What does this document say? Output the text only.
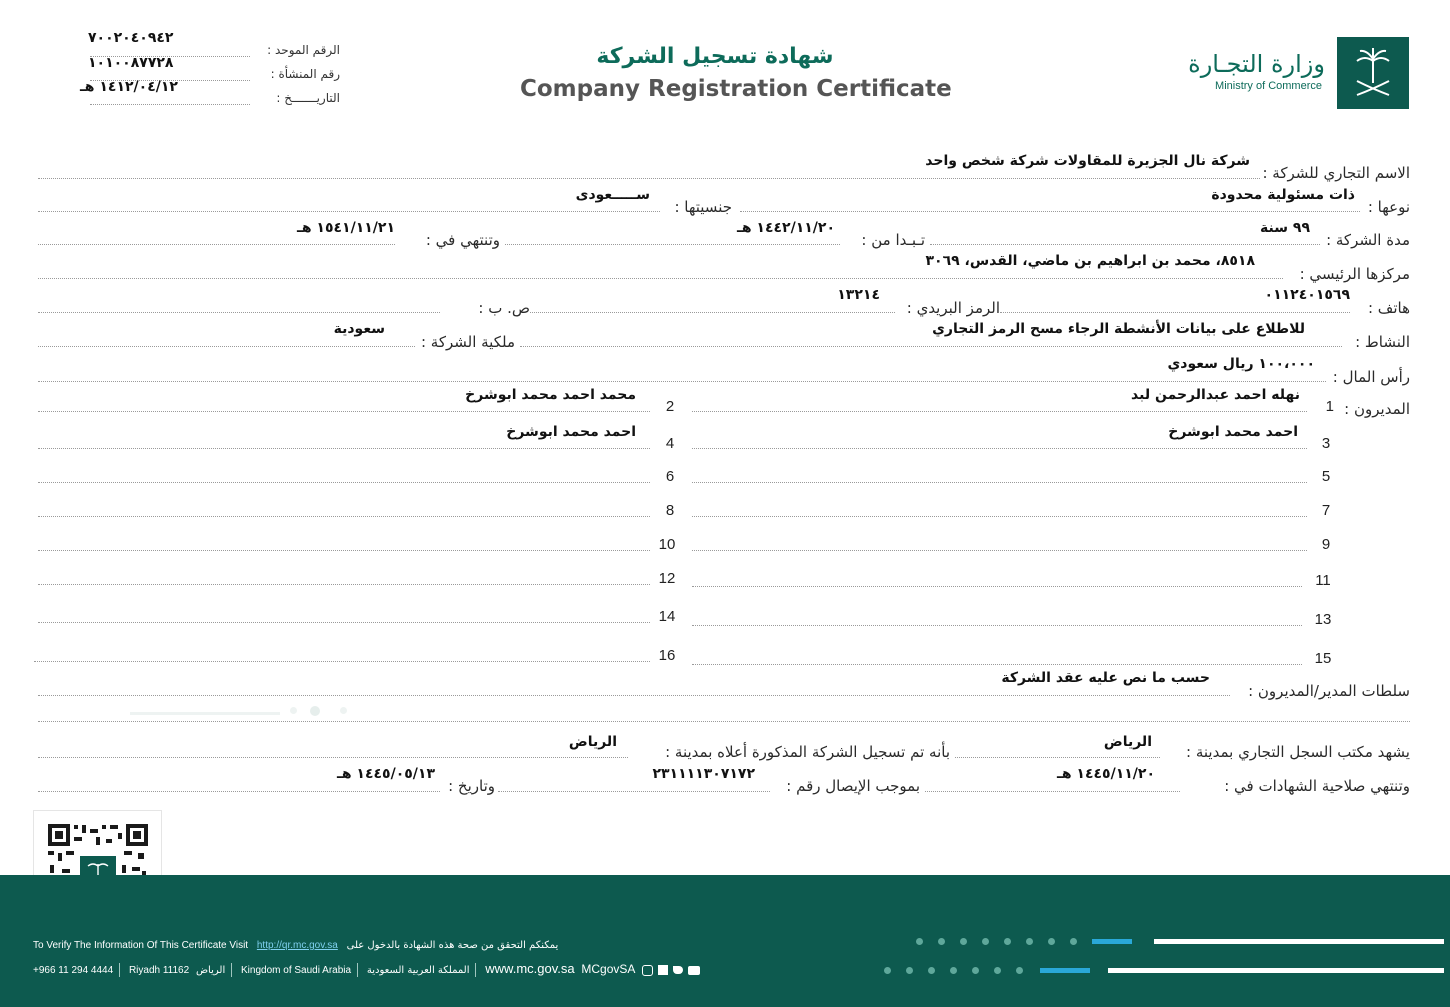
وزارة التجـارة
Ministry of Commerce
شهادة تسجيل الشركة
Company Registration Certificate
الرقم الموحد :
٧٠٠٢٠٤٠٩٤٢
رقم المنشأة :
١٠١٠٠٨٧٧٢٨
التاريـــــــخ :
١٤١٢/٠٤/١٢ هـ
الاسم التجاري للشركة :
شركة نال الجزيرة للمقاولات شركة شخص واحد
نوعها :
ذات مسئولية محدودة
جنسيتها :
ســـــعودى
مدة الشركة :
٩٩ سنة
تـبـدا من :
١٤٤٢/١١/٢٠ هـ
وتنتهي في :
١٥٤١/١١/٢١ هـ
مركزها الرئيسي :
٨٥١٨، محمد بن ابراهيم بن ماضي، القدس، ٣٠٦٩
هاتف :
٠١١٢٤٠١٥٦٩
الرمز البريدي :
١٣٢١٤
ص. ب :
النشاط :
للاطلاع على بيانات الأنشطة الرجاء مسح الرمز التجاري
ملكية الشركة :
سعودية
رأس المال :
١٠٠،٠٠٠ ريال سعودي
المديرون :
1
2
3
4
5
6
7
8
9
10
11
12
13
14
15
16
نهله احمد عبدالرحمن لبد
محمد احمد محمد ابوشرخ
احمد محمد ابوشرخ
احمد محمد ابوشرخ
سلطات المدير/المديرون :
حسب ما نص عليه عقد الشركة
يشهد مكتب السجل التجاري بمدينة :
الرياض
بأنه تم تسجيل الشركة المذكورة أعلاه بمدينة :
الرياض
وتنتهي صلاحية الشهادات في :
١٤٤٥/١١/٢٠ هـ
بموجب الإيصال رقم :
٢٣١١١١٣٠٧١٧٢
وتاريخ :
١٤٤٥/٠٥/١٣ هـ
To Verify The Information Of This Certificate Visit http://qr.mc.gov.sa يمكنكم التحقق من صحة هذه الشهادة بالدخول على
+966 11 294 4444 Riyadh 11162 الرياض Kingdom of Saudi Arabia المملكة العربية السعودية www.mc.gov.sa MCgovSA
